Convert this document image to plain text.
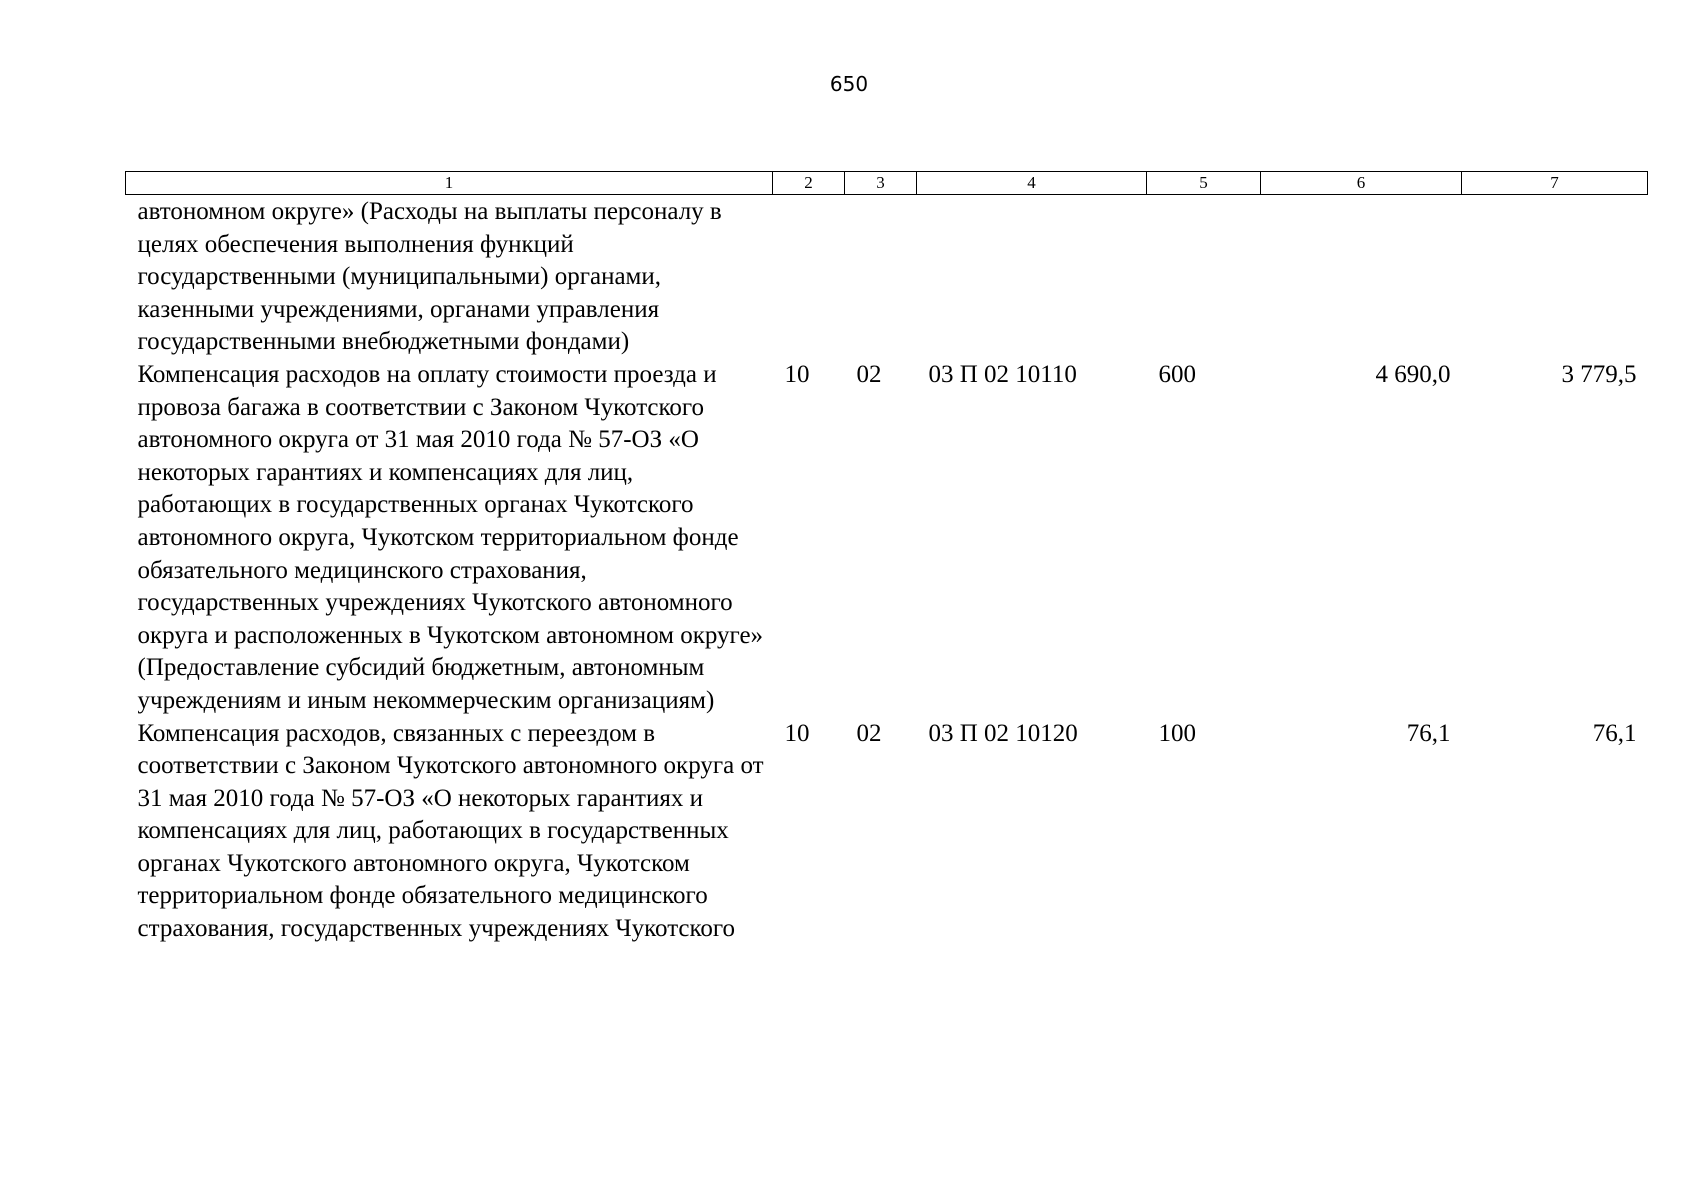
650
1	2	3	4	5	6	7
автономном округе» (Расходы на выплаты персоналу в целях обеспечения выполнения функций государственными (муниципальными) органами, казенными учреждениями, органами управления государственными внебюджетными фондами)						
Компенсация расходов на оплату стоимости проезда и провоза багажа в соответствии с Законом Чукотского автономного округа от 31 мая 2010 года № 57-ОЗ «О некоторых гарантиях и компенсациях для лиц, работающих в государственных органах Чукотского автономного округа, Чукотском территориальном фонде обязательного медицинского страхования, государственных учреждениях Чукотского автономного округа и расположенных в Чукотском автономном округе» (Предоставление субсидий бюджетным, автономным учреждениям и иным некоммерческим организациям)	10	02	03 П 02 10110	600	4 690,0	3 779,5
Компенсация расходов, связанных с переездом в соответствии с Законом Чукотского автономного округа от 31 мая 2010 года № 57-ОЗ «О некоторых гарантиях и компенсациях для лиц, работающих в государственных органах Чукотского автономного округа, Чукотском территориальном фонде обязательного медицинского страхования, государственных учреждениях Чукотского	10	02	03 П 02 10120	100	76,1	76,1
